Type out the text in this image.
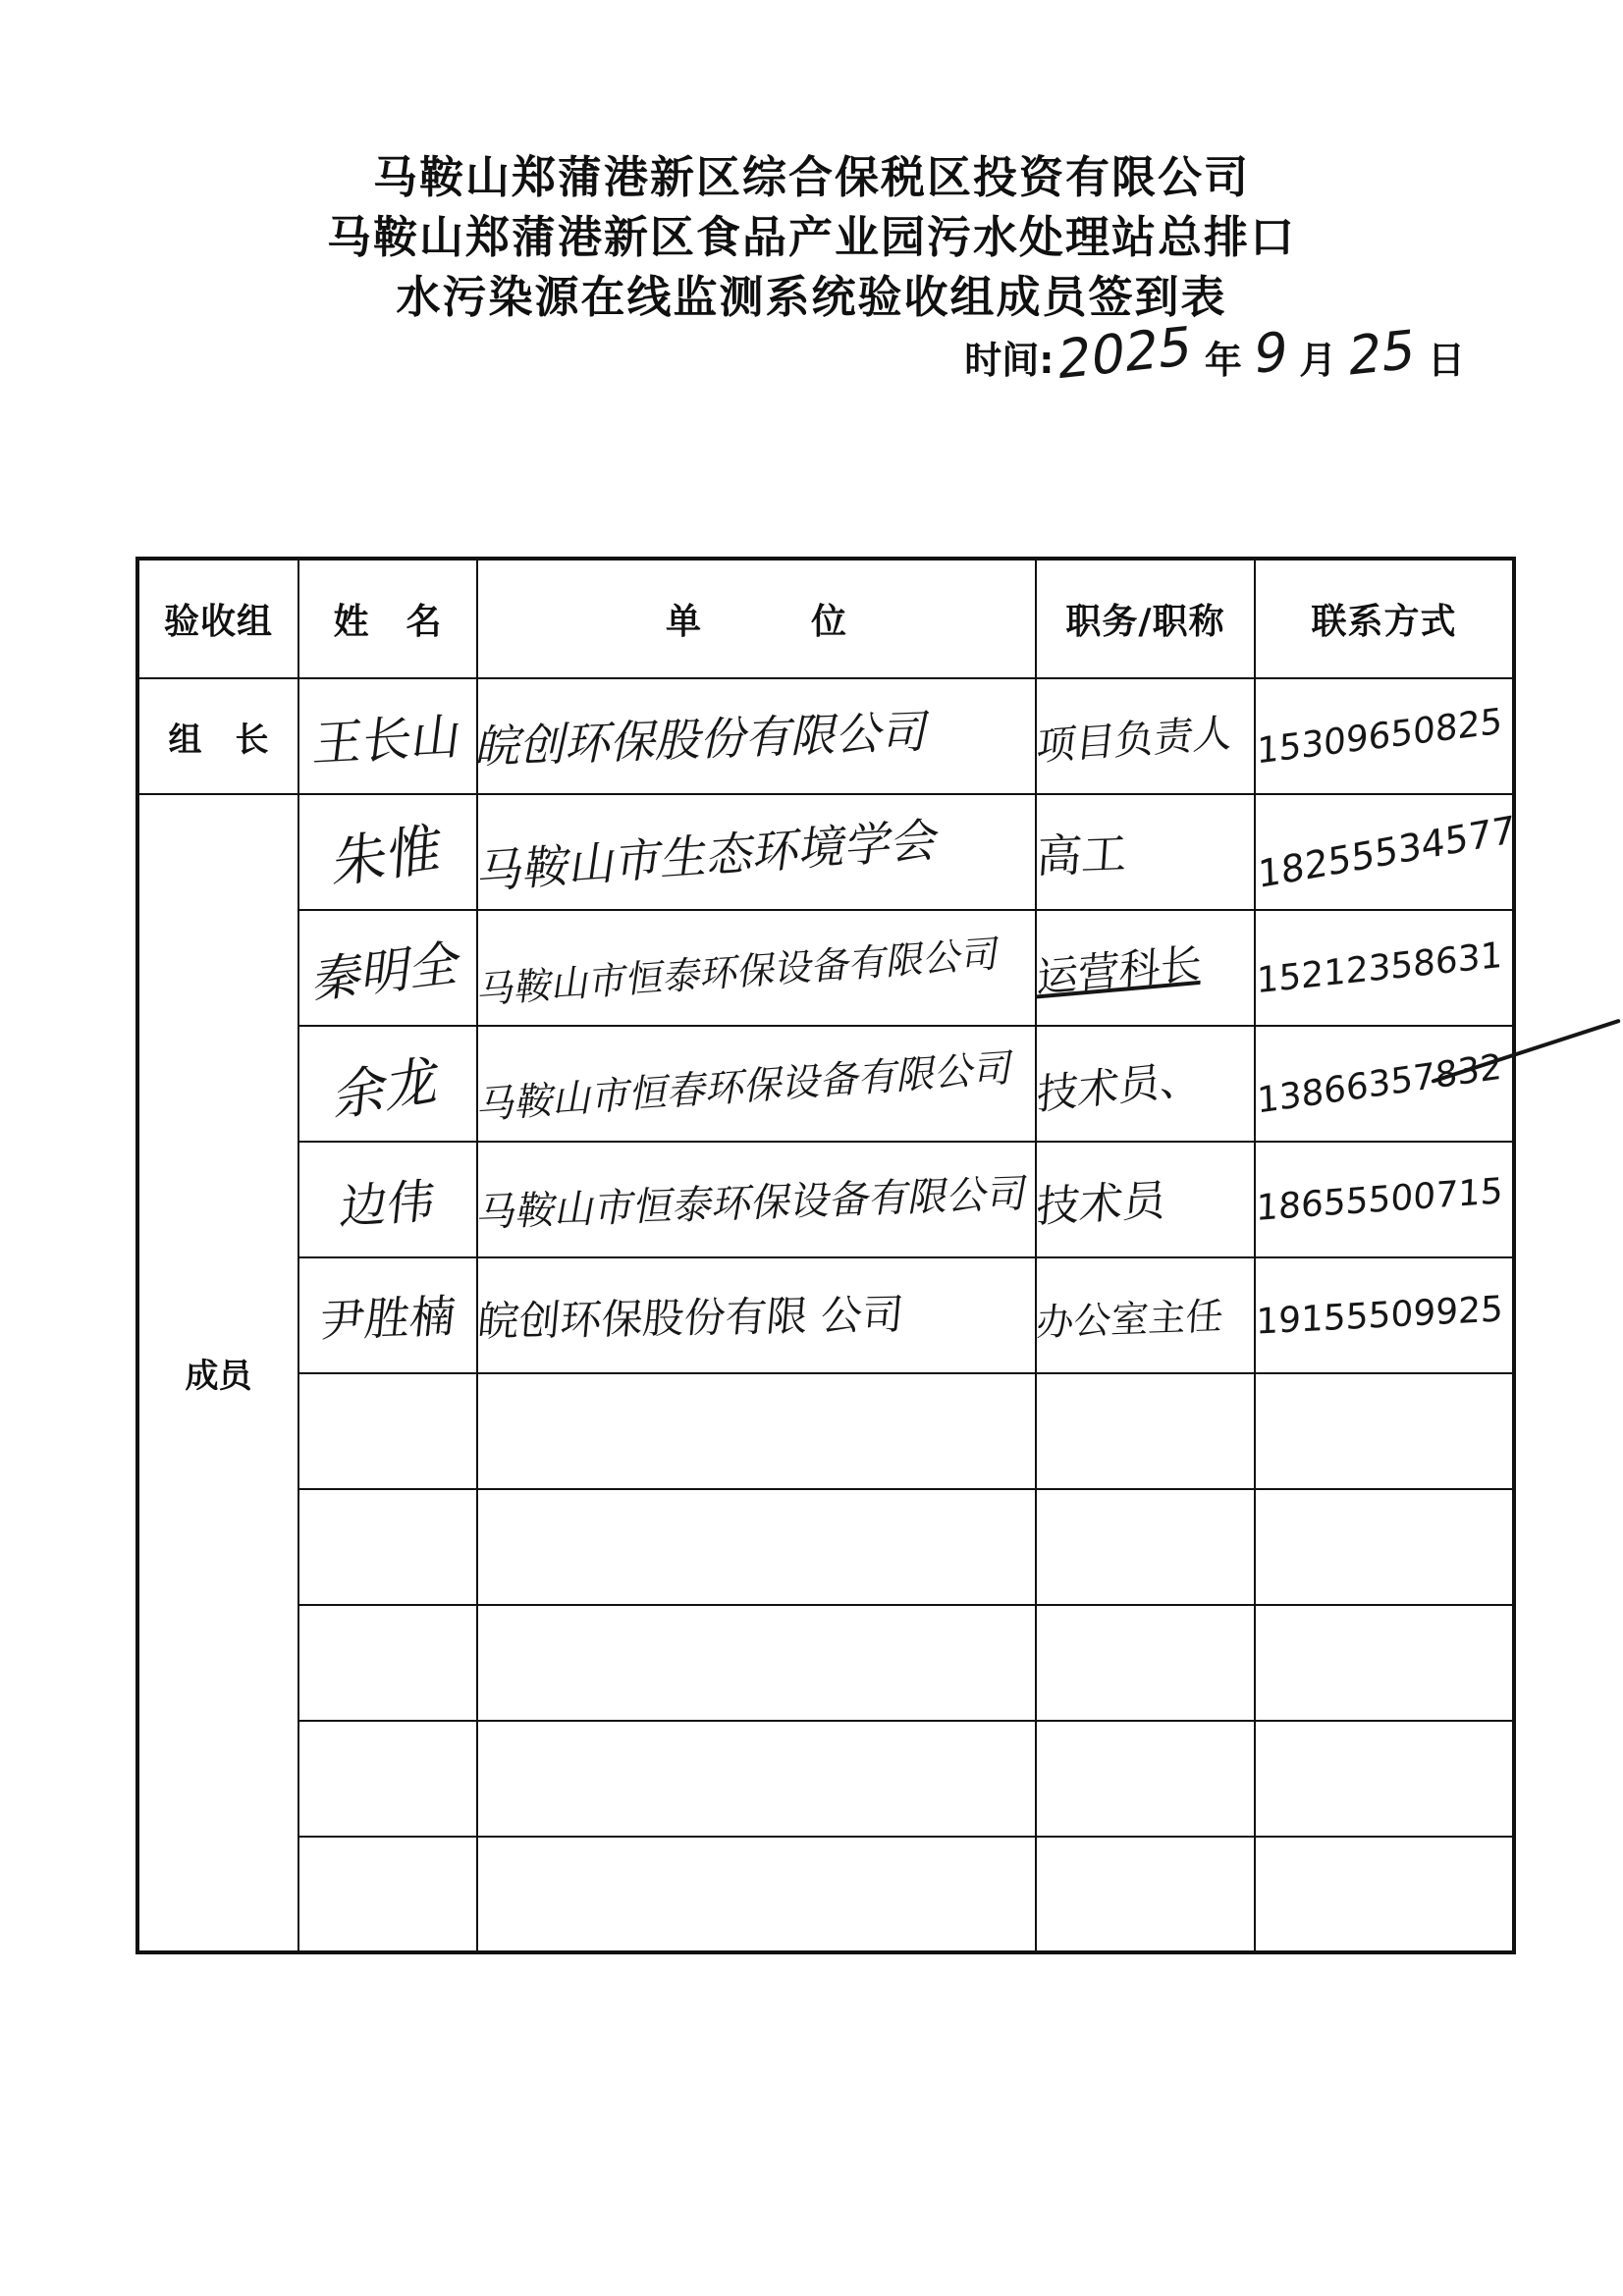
马鞍山郑蒲港新区综合保税区投资有限公司
马鞍山郑蒲港新区食品产业园污水处理站总排口
水污染源在线监测系统验收组成员签到表
时间:2025 年 9 月 25 日
验收组	姓　名	单　　　位	职务/职称	联系方式
组　长	王长山	皖创环保股份有限公司	项目负责人	15309650825
成员	朱惟	马鞍山市生态环境学会	高工	18255534577
	秦明全	马鞍山市恒泰环保设备有限公司	运营科长	15212358631
	余龙	马鞍山市恒春环保设备有限公司	技术员、	13866357832
	边伟	马鞍山市恒泰环保设备有限公司	技术员	18655500715
	尹胜楠	皖创环保股份有限 公司	办公室主任	19155509925
